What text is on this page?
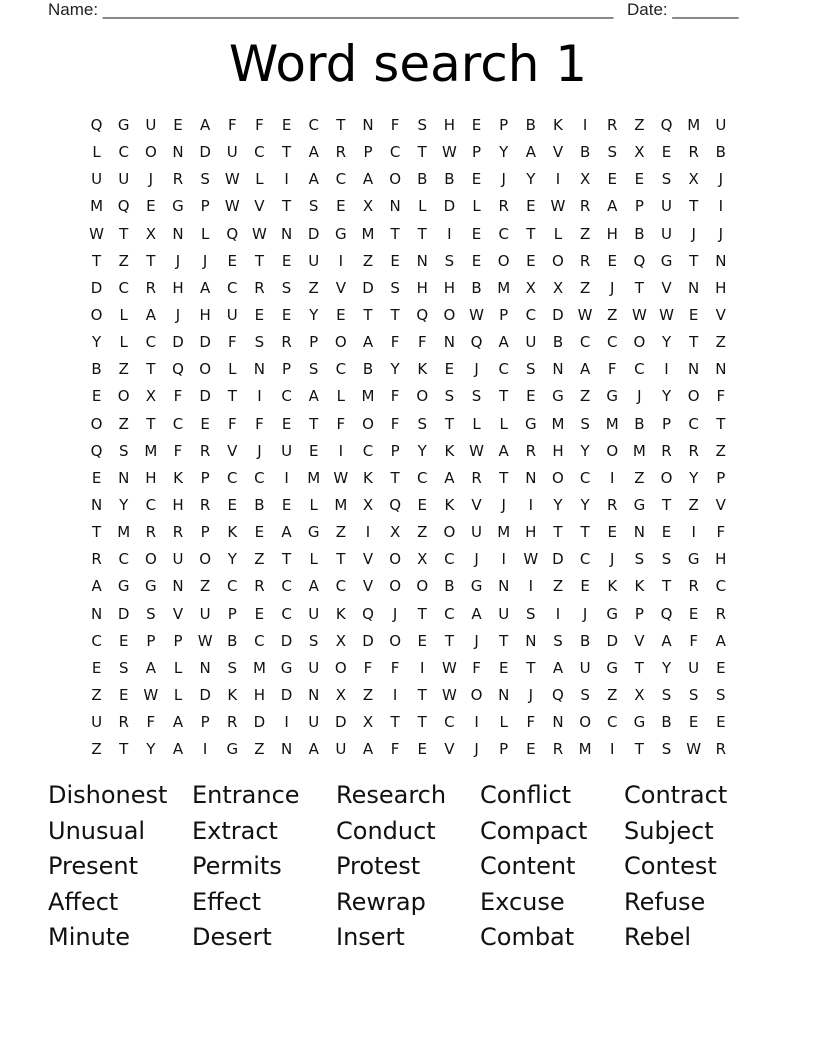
Name: ______________________________________________________ Date: _______
Word search 1
Q	G	U	E	A	F	F	E	C	T	N	F	S	H	E	P	B	K	I	R	Z	Q M	U
L	C	O	N	D	U	C	T	A	R	P	C	T	W	P	Y	A	V	B	S	X	E	R	B
U	U	J	R	S W	L	I	A	C	A	O	B	B	E	J	Y	I	X	E	E	S	X	J
M Q	E	G	P	W V	T	S	E	X	N	L	D	L	R	E W R	A	P	U	T	I
W	T	X	N	L	Q W N	D	G M	T	T	I	E	C	T	L	Z	H	B	U	J	J
T	Z	T	J	J	E	T	E	U	I	Z	E	N	S	E	O	E	O	R	E	Q	G	T	N
D	C	R	H	A	C	R	S	Z	V	D	S	H	H	B	M	X	X	Z	J	T	V	N	H
O	L	A	J	H	U	E	E	Y	E	T	T	Q	O W	P	C	D W Z W W E	V
Y	L	C	D	D	F	S	R	P	O	A	F	F	N	Q	A	U	B	C	C	O	Y	T	Z
B	Z	T	Q	O	L	N	P	S	C	B	Y	K	E	J	C	S	N	A	F	C	I	N	N
E	O	X	F	D	T	I	C	A	L	M	F	O	S	S	T	E	G	Z	G	J	Y	O	F
O	Z	T	C	E	F	F	E	T	F	O	F	S	T	L	L	G M	S	M	B	P	C	T
Q	S	M	F	R	V	J	U	E	I	C	P	Y	K W A	R	H	Y	O M	R	R	Z
E	N	H	K	P	C	C	I	M W K	T	C	A	R	T	N	O	C	I	Z	O	Y	P
N	Y	C	H	R	E	B	E	L	M	X	Q	E	K	V	J	I	Y	Y	R	G	T	Z	V
T	M	R	R	P	K	E	A	G	Z	I	X	Z	O	U	M	H	T	T	E	N	E	I	F
R	C	O	U	O	Y	Z	T	L	T	V	O	X	C	J	I	W D	C	J	S	S	G	H
A	G	G	N	Z	C	R	C	A	C	V	O	O	B	G	N	I	Z	E	K	K	T	R	C
N	D	S	V	U	P	E	C	U	K	Q	J	T	C	A	U	S	I	J	G	P	Q	E	R
C	E	P	P	W B	C	D	S	X	D	O	E	T	J	T	N	S	B	D	V	A	F	A
E	S	A	L	N	S	M G	U	O	F	F	I	W	F	E	T	A	U	G	T	Y	U	E
Z	E W	L	D	K	H	D	N	X	Z	I	T	W O	N	J	Q	S	Z	X	S	S	S
U	R	F	A	P	R	D	I	U	D	X	T	T	C	I	L	F	N	O	C	G	B	E	E
Z	T	Y	A	I	G	Z	N	A	U	A	F	E	V	J	P	E	R	M	I	T	S W R
Dishonest	Entrance	Research	Conflict	Contract
Unusual	Extract	Conduct	Compact	Subject
Present	Permits	Protest	Content	Contest
Affect	Effect	Rewrap	Excuse	Refuse
Minute	Desert	Insert	Combat	Rebel
